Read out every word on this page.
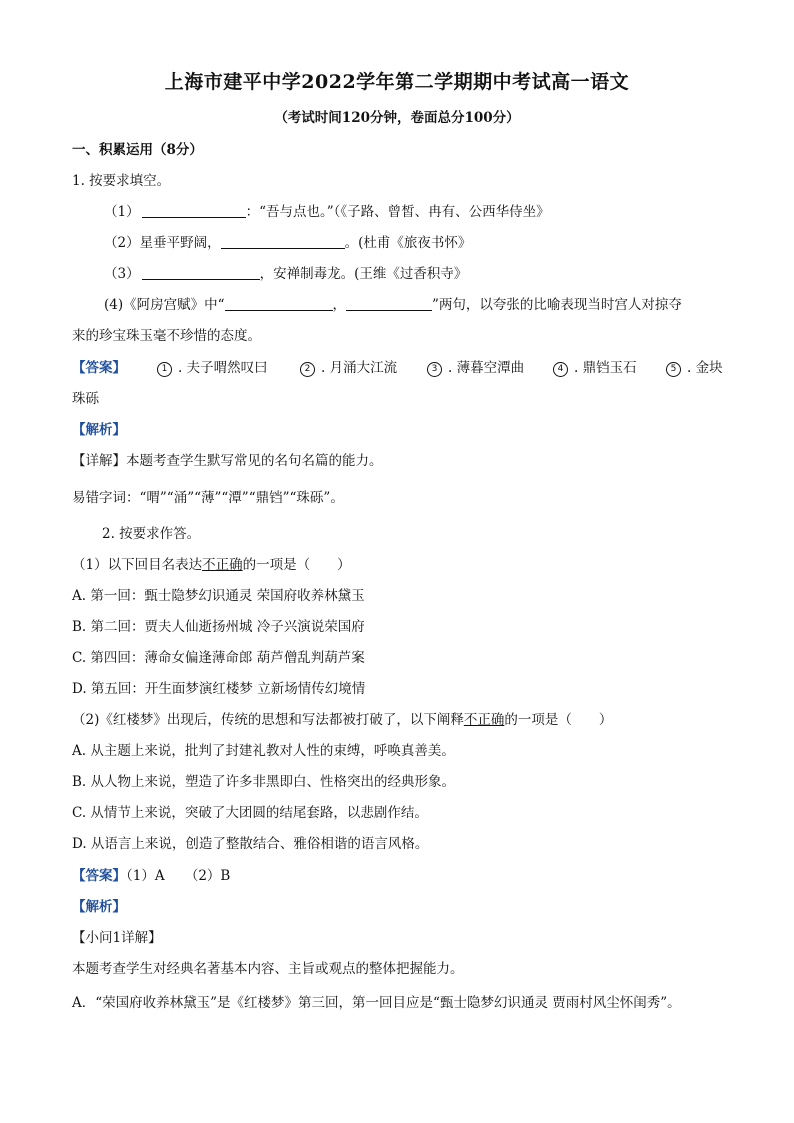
上海市建平中学2022学年第二学期期中考试高一语文
（考试时间120分钟，卷面总分100分）
一、积累运用（8分）
1. 按要求填空。
（1）	：“吾与点也。”（《子路、曾皙、冉有、公西华侍坐》
（2）星垂平野阔，	。(杜甫《旅夜书怀》
（3）	，安禅制毒龙。(王维《过香积寺》
(4)《阿房宫赋》中“	，	”两句，以夸张的比喻表现当时宫人对掠夺
来的珍宝珠玉毫不珍惜的态度。
【答案】	1 . 夫子喟然叹曰	2 . 月涌大江流	3 . 薄暮空潭曲	4 . 鼎铛玉石	5 . 金块
珠砾
【解析】
【详解】本题考查学生默写常见的名句名篇的能力。
易错字词：“喟”“涌”“薄”“潭”“鼎铛”“珠砾”。
2. 按要求作答。
（1）以下回目名表达不正确的一项是（　　）
A. 第一回：甄士隐梦幻识通灵 荣国府收养林黛玉
B. 第二回：贾夫人仙逝扬州城 冷子兴演说荣国府
C. 第四回：薄命女偏逢薄命郎 葫芦僧乱判葫芦案
D. 第五回：开生面梦演红楼梦 立新场情传幻境情
（2)《红楼梦》出现后，传统的思想和写法都被打破了，以下阐释不正确的一项是（　　）
A. 从主题上来说，批判了封建礼教对人性的束缚，呼唤真善美。
B. 从人物上来说，塑造了许多非黑即白、性格突出的经典形象。
C. 从情节上来说，突破了大团圆的结尾套路，以悲剧作结。
D. 从语言上来说，创造了整散结合、雅俗相谐的语言风格。
【答案】（1）A　　（2）B
【解析】
【小问1详解】
本题考查学生对经典名著基本内容、主旨或观点的整体把握能力。
A．“荣国府收养林黛玉”是《红楼梦》第三回，第一回目应是“甄士隐梦幻识通灵 贾雨村风尘怀闺秀”。
